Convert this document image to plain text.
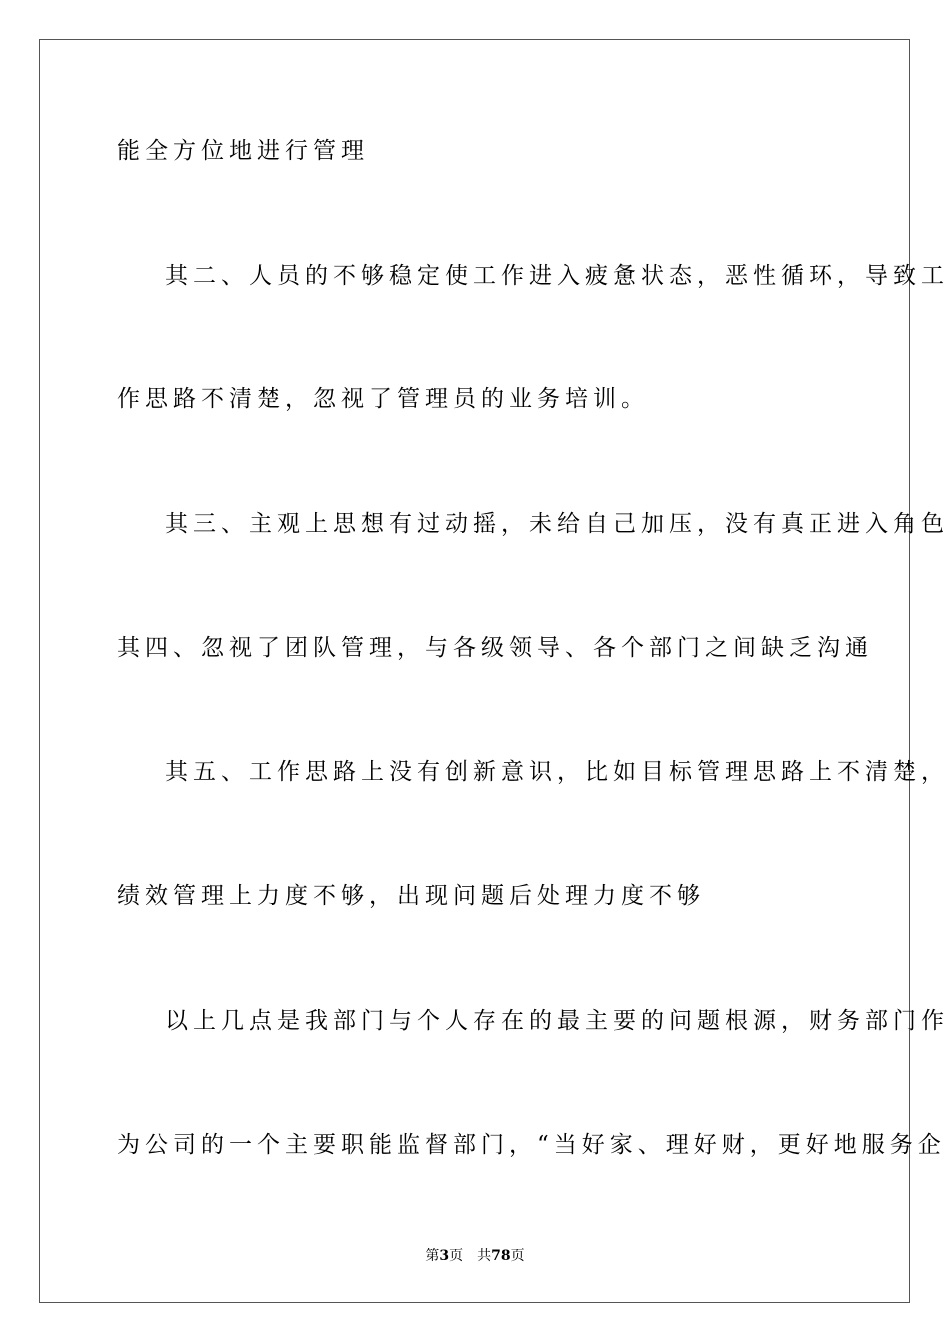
能全方位地进行管理

其二、人员的不够稳定使工作进入疲惫状态，恶性循环，导致工

作思路不清楚，忽视了管理员的业务培训。

其三、主观上思想有过动摇，未给自己加压，没有真正进入角色

其四、忽视了团队管理，与各级领导、各个部门之间缺乏沟通

其五、工作思路上没有创新意识，比如目标管理思路上不清楚，

绩效管理上力度不够，出现问题后处理力度不够

以上几点是我部门与个人存在的最主要的问题根源，财务部门作

为公司的一个主要职能监督部门，“当好家、理好财，更好地服务企

第3页 共78页
